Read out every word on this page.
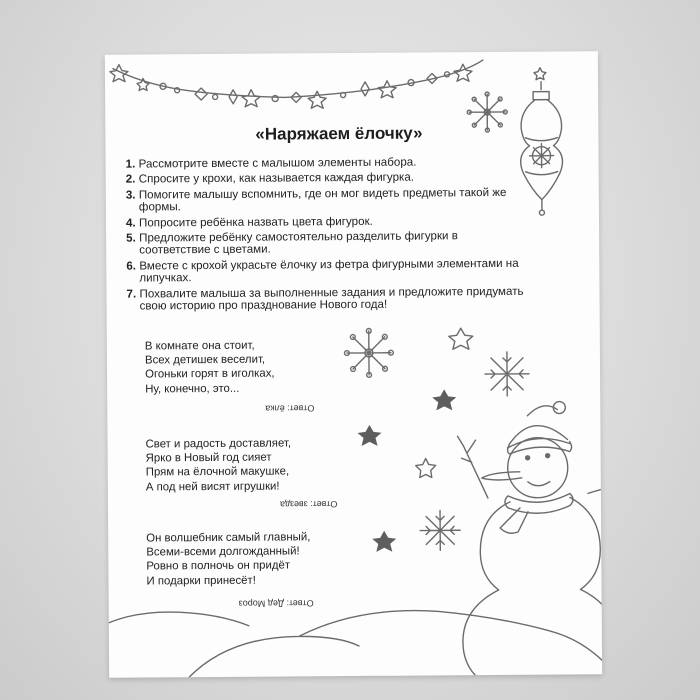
«Наряжаем ёлочку»
1. Рассмотрите вместе с малышом элементы набора.
2. Спросите у крохи, как называется каждая фигурка.
3. Помогите малышу вспомнить, где он мог видеть предметы такой же формы.
4. Попросите ребёнка назвать цвета фигурок.
5. Предложите ребёнку самостоятельно разделить фигурки в соответствие с цветами.
6. Вместе с крохой украсьте ёлочку из фетра фигурными элементами на липучках.
7. Похвалите малыша за выполненные задания и предложите придумать свою историю про празднование Нового года!

В комнате она стоит,

Всех детишек веселит,

Огоньки горят в иголках,

Ну, конечно, это...

Ответ: ёлка

Свет и радость доставляет,

Ярко в Новый год сияет

Прям на ёлочной макушке,

А под ней висят игрушки!

Ответ: звезда

Он волшебник самый главный,

Всеми-всеми долгожданный!

Ровно в полночь он придёт

И подарки принесёт!

Ответ: Дед Мороз
